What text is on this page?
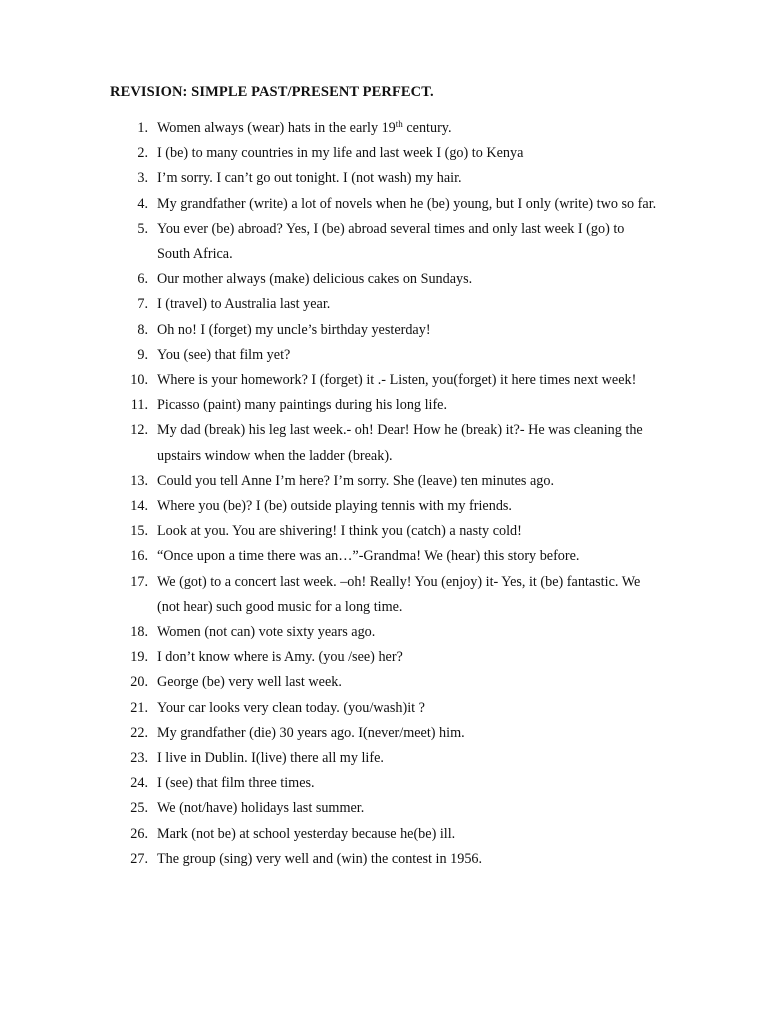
REVISION: SIMPLE PAST/PRESENT PERFECT.
1. Women always (wear) hats in the early 19th century.
2. I (be) to many countries in my life and last week I (go) to Kenya
3. I’m sorry. I can’t go out tonight. I (not wash) my hair.
4. My grandfather (write) a lot of novels when he (be) young, but I only (write) two so far.
5. You ever (be) abroad? Yes, I (be) abroad several times and only last week I (go) to South Africa.
6. Our mother always (make) delicious cakes on Sundays.
7. I (travel) to Australia last year.
8. Oh no! I (forget) my uncle’s birthday yesterday!
9. You (see) that film yet?
10. Where is your homework? I (forget) it .- Listen, you(forget) it here times next week!
11. Picasso (paint) many paintings during his long life.
12. My dad (break) his leg last week.- oh! Dear! How he (break) it?- He was cleaning the upstairs window when the ladder (break).
13. Could you tell Anne I’m here? I’m sorry. She (leave) ten minutes ago.
14. Where you (be)? I (be) outside playing tennis with my friends.
15. Look at you. You are shivering! I think you (catch) a nasty cold!
16. “Once upon a time there was an…”-Grandma! We (hear) this story before.
17. We (got) to a concert last week. –oh! Really! You (enjoy) it- Yes, it (be) fantastic. We (not hear) such good music for a long time.
18. Women (not can) vote sixty years ago.
19. I don’t know where is Amy. (you /see) her?
20. George (be) very well last week.
21. Your car looks very clean today. (you/wash)it ?
22. My grandfather (die) 30 years ago. I(never/meet) him.
23. I live in Dublin. I(live) there all my life.
24. I (see) that film three times.
25. We (not/have) holidays last summer.
26. Mark (not be) at school yesterday because he(be) ill.
27. The group (sing) very well and (win) the contest in 1956.
